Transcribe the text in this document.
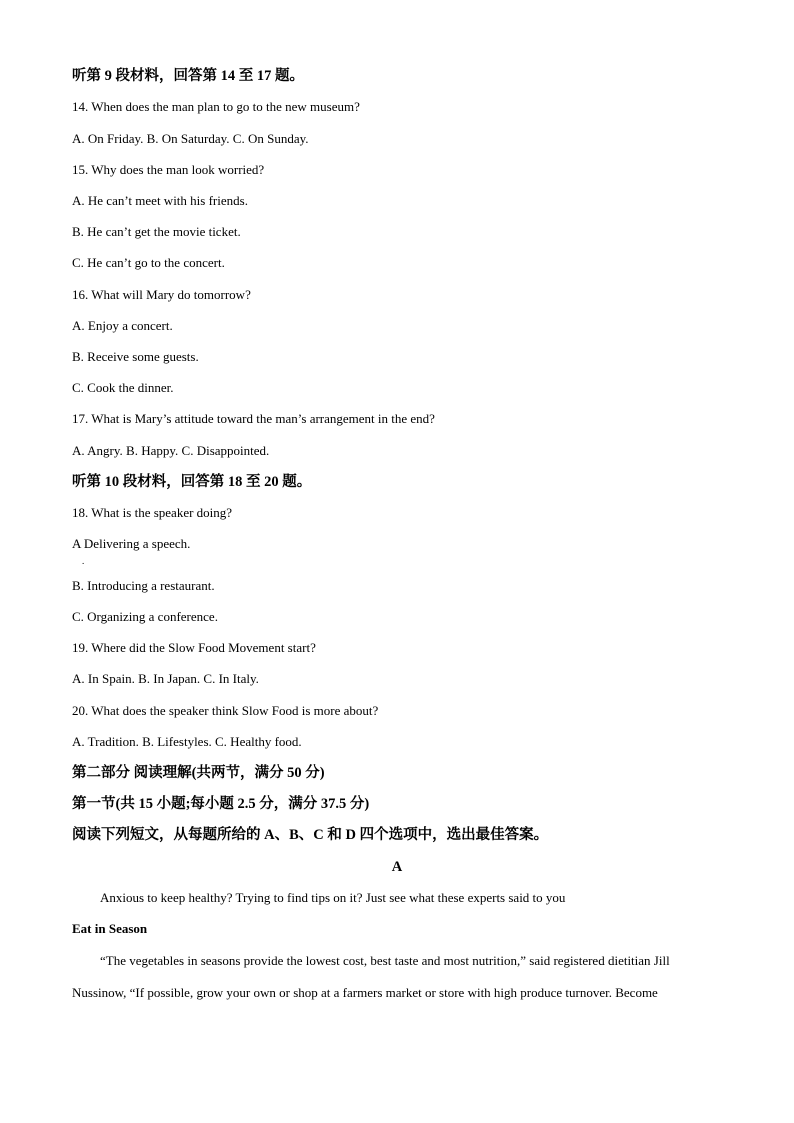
听第 9 段材料，回答第 14 至 17 题。
14. When does the man plan to go to the new museum?
A. On Friday. B. On Saturday. C. On Sunday.
15. Why does the man look worried?
A. He can’t meet with his friends.
B. He can’t get the movie ticket.
C. He can’t go to the concert.
16. What will Mary do tomorrow?
A. Enjoy a concert.
B. Receive some guests.
C. Cook the dinner.
17. What is Mary’s attitude toward the man’s arrangement in the end?
A. Angry. B. Happy. C. Disappointed.
听第 10 段材料，回答第 18 至 20 题。
18. What is the speaker doing?
A Delivering a speech.
.
B. Introducing a restaurant.
C. Organizing a conference.
19. Where did the Slow Food Movement start?
A. In Spain. B. In Japan. C. In Italy.
20. What does the speaker think Slow Food is more about?
A. Tradition. B. Lifestyles. C. Healthy food.
第二部分 阅读理解(共两节，满分 50 分)
第一节(共 15 小题;每小题 2.5 分，满分 37.5 分)
阅读下列短文，从每题所给的 A、B、C 和 D 四个选项中，选出最佳答案。
A
Anxious to keep healthy? Trying to find tips on it? Just see what these experts said to you
Eat in Season
“The vegetables in seasons provide the lowest cost, best taste and most nutrition,” said registered dietitian Jill
Nussinow, “If possible, grow your own or shop at a farmers market or store with high produce turnover. Become
